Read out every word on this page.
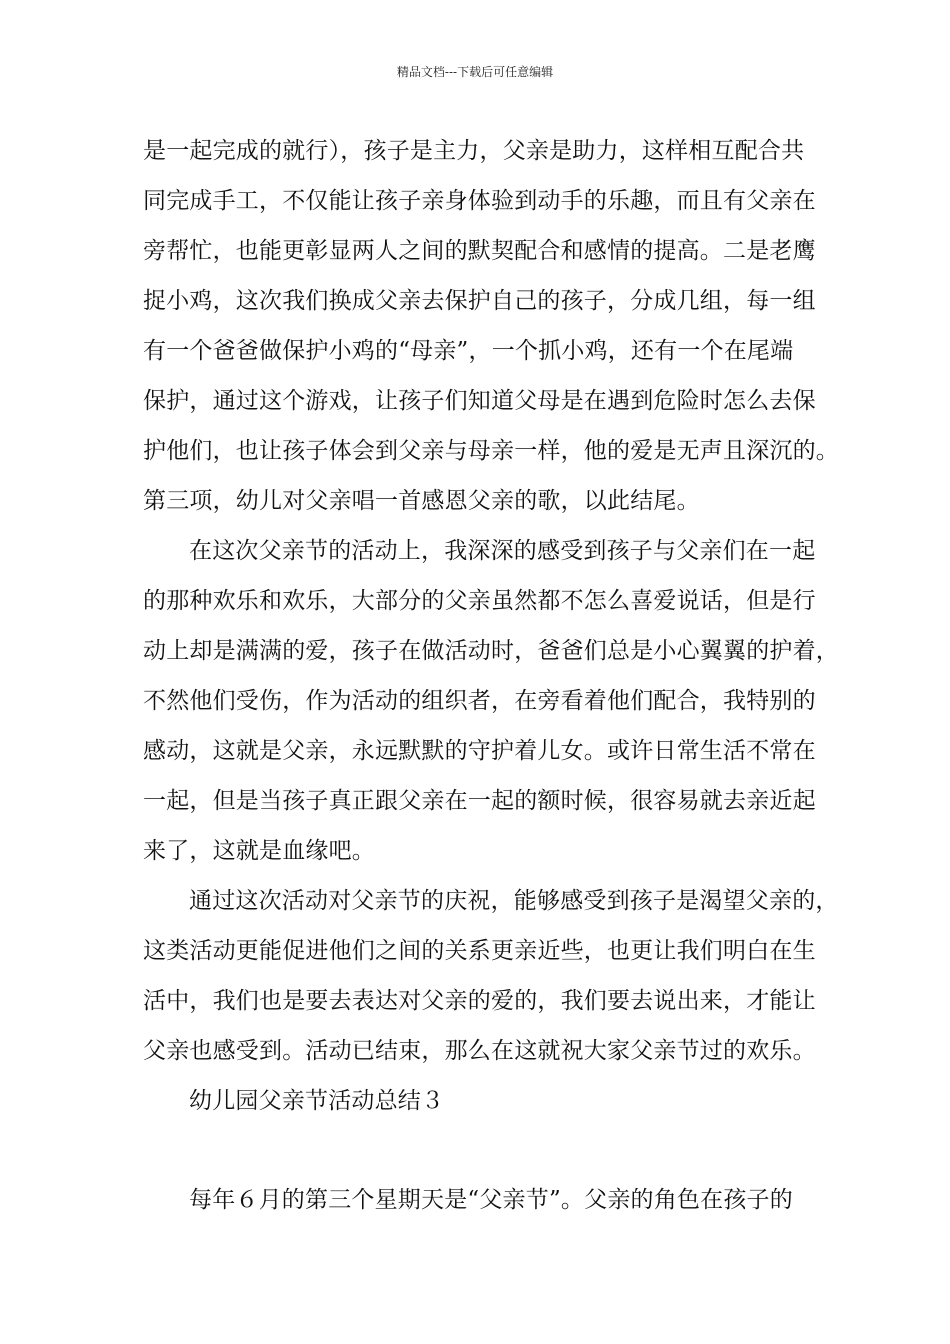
精品文档---下载后可任意编辑
是一起完成的就行），孩子是主力，父亲是助力，这样相互配合共
同完成手工，不仅能让孩子亲身体验到动手的乐趣，而且有父亲在
旁帮忙，也能更彰显两人之间的默契配合和感情的提高。二是老鹰
捉小鸡，这次我们换成父亲去保护自己的孩子，分成几组，每一组
有一个爸爸做保护小鸡的“母亲”，一个抓小鸡，还有一个在尾端
保护，通过这个游戏，让孩子们知道父母是在遇到危险时怎么去保
护他们，也让孩子体会到父亲与母亲一样，他的爱是无声且深沉的。
第三项，幼儿对父亲唱一首感恩父亲的歌，以此结尾。
在这次父亲节的活动上，我深深的感受到孩子与父亲们在一起
的那种欢乐和欢乐，大部分的父亲虽然都不怎么喜爱说话，但是行
动上却是满满的爱，孩子在做活动时，爸爸们总是小心翼翼的护着，
不然他们受伤，作为活动的组织者，在旁看着他们配合，我特别的
感动，这就是父亲，永远默默的守护着儿女。或许日常生活不常在
一起，但是当孩子真正跟父亲在一起的额时候，很容易就去亲近起
来了，这就是血缘吧。
通过这次活动对父亲节的庆祝，能够感受到孩子是渴望父亲的，
这类活动更能促进他们之间的关系更亲近些，也更让我们明白在生
活中，我们也是要去表达对父亲的爱的，我们要去说出来，才能让
父亲也感受到。活动已结束，那么在这就祝大家父亲节过的欢乐。
幼儿园父亲节活动总结３
每年６月的第三个星期天是“父亲节”。父亲的角色在孩子的
